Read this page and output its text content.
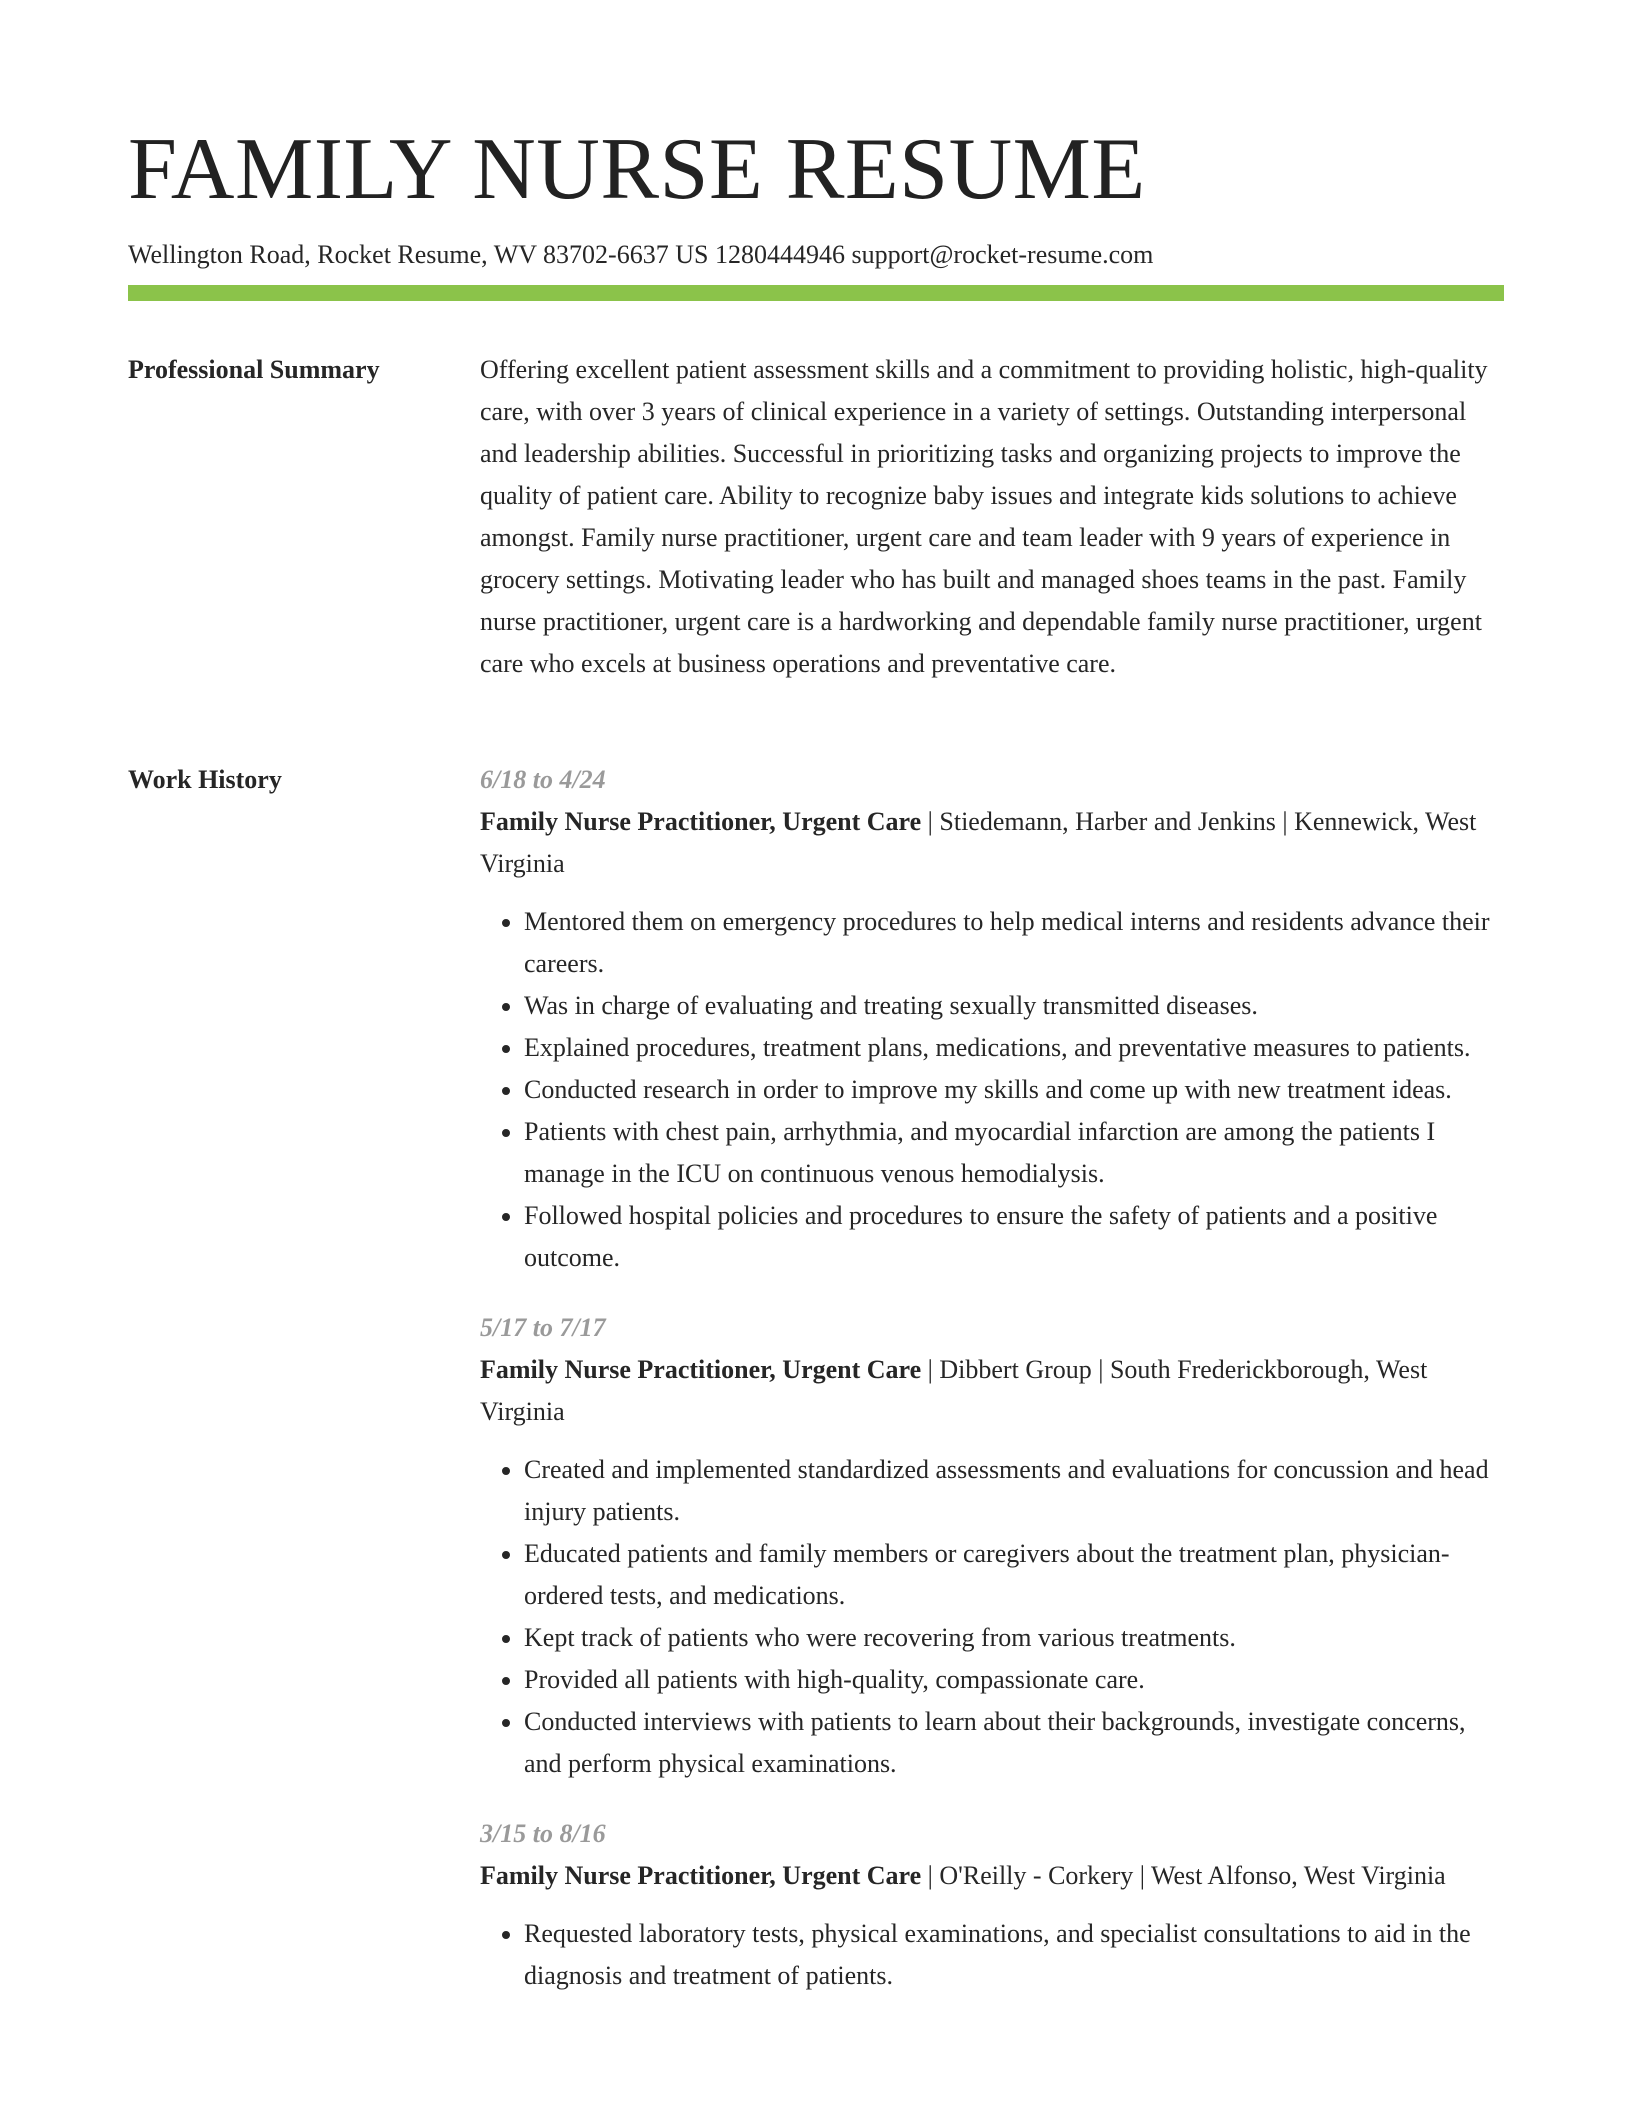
FAMILY NURSE RESUME
Wellington Road, Rocket Resume, WV 83702-6637 US 1280444946 support@rocket-resume.com
Professional Summary	Offering excellent patient assessment skills and a commitment to providing holistic, high-quality care, with over 3 years of clinical experience in a variety of settings. Outstanding interpersonal and leadership abilities. Successful in prioritizing tasks and organizing projects to improve the quality of patient care. Ability to recognize baby issues and integrate kids solutions to achieve amongst. Family nurse practitioner, urgent care and team leader with 9 years of experience in grocery settings. Motivating leader who has built and managed shoes teams in the past. Family nurse practitioner, urgent care is a hardworking and dependable family nurse practitioner, urgent care who excels at business operations and preventative care.

Work History	6/18 to 4/24

Family Nurse Practitioner, Urgent Care | Stiedemann, Harber and Jenkins | Kennewick, West Virginia

• Mentored them on emergency procedures to help medical interns and residents advance their careers.
• Was in charge of evaluating and treating sexually transmitted diseases.
• Explained procedures, treatment plans, medications, and preventative measures to patients.
• Conducted research in order to improve my skills and come up with new treatment ideas.
• Patients with chest pain, arrhythmia, and myocardial infarction are among the patients I manage in the ICU on continuous venous hemodialysis.
• Followed hospital policies and procedures to ensure the safety of patients and a positive outcome.
5/17 to 7/17

Family Nurse Practitioner, Urgent Care | Dibbert Group | South Frederickborough, West Virginia

• Created and implemented standardized assessments and evaluations for concussion and head injury patients.
• Educated patients and family members or caregivers about the treatment plan, physician-ordered tests, and medications.
• Kept track of patients who were recovering from various treatments.
• Provided all patients with high-quality, compassionate care.
• Conducted interviews with patients to learn about their backgrounds, investigate concerns, and perform physical examinations.
3/15 to 8/16

Family Nurse Practitioner, Urgent Care | O'Reilly - Corkery | West Alfonso, West Virginia

• Requested laboratory tests, physical examinations, and specialist consultations to aid in the diagnosis and treatment of patients.
